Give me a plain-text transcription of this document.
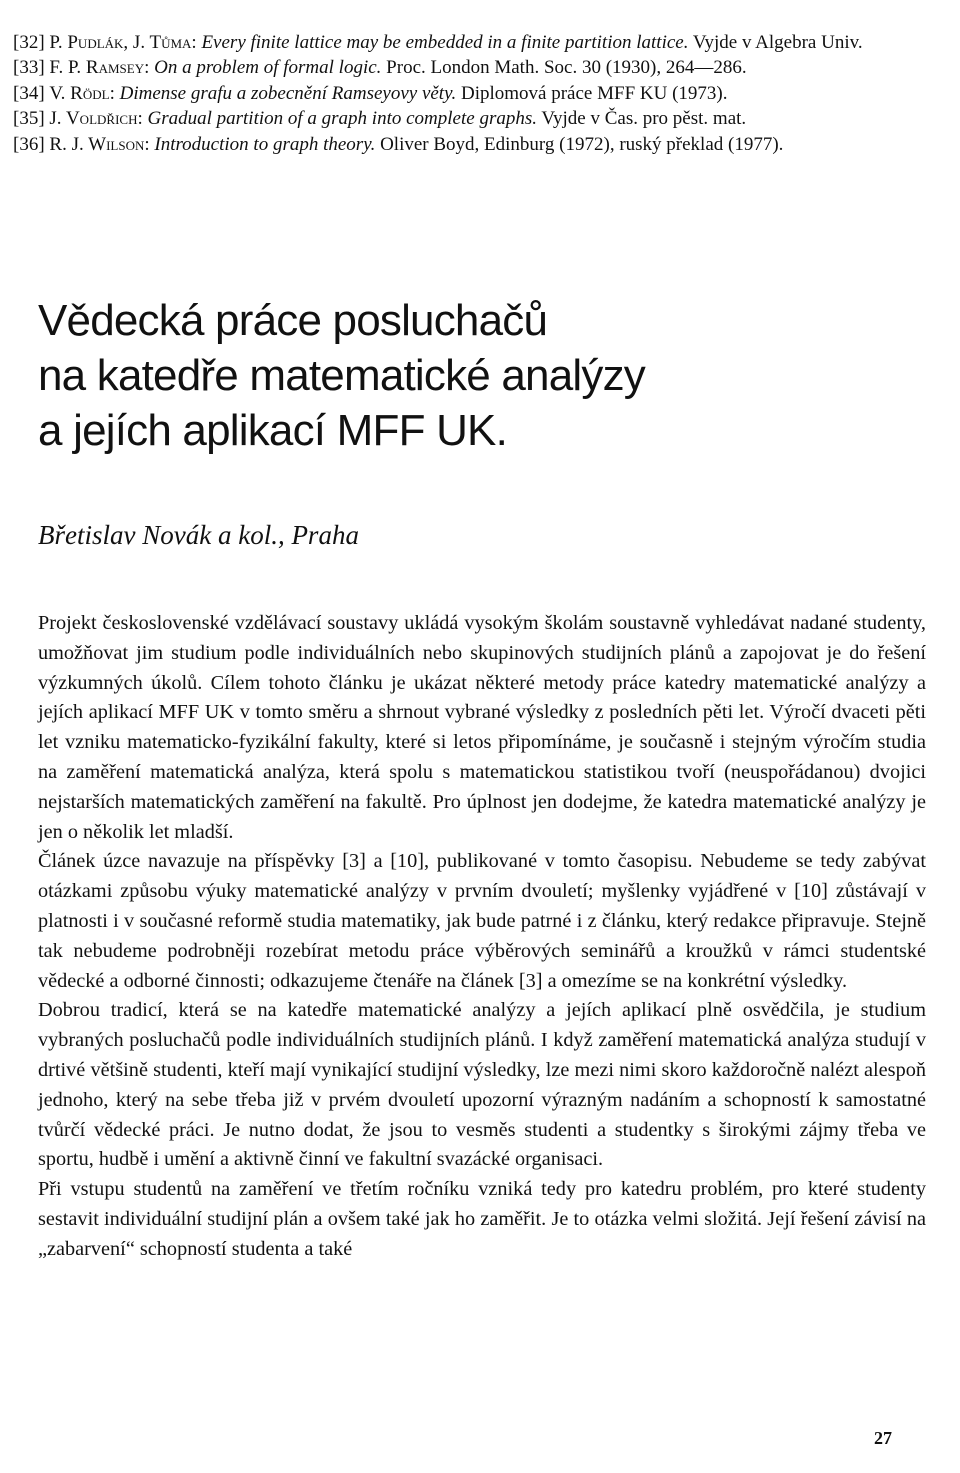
[32] P. Pudlák, J. Tůma: Every finite lattice may be embedded in a finite partition lattice. Vyjde v Algebra Univ.
[33] F. P. Ramsey: On a problem of formal logic. Proc. London Math. Soc. 30 (1930), 264—286.
[34] V. Rödl: Dimense grafu a zobecnění Ramseyovy věty. Diplomová práce MFF KU (1973).
[35] J. Voldřich: Gradual partition of a graph into complete graphs. Vyjde v Čas. pro pěst. mat.
[36] R. J. Wilson: Introduction to graph theory. Oliver Boyd, Edinburg (1972), ruský překlad (1977).
Vědecká práce posluchačů
na katedře matematické analýzy
a jejích aplikací MFF UK.
Břetislav Novák a kol., Praha

Projekt československé vzdělávací soustavy ukládá vysokým školám soustavně vyhledávat nadané studenty, umožňovat jim studium podle individuálních nebo skupinových studijních plánů a zapojovat je do řešení výzkumných úkolů. Cílem tohoto článku je ukázat některé metody práce katedry matematické analýzy a jejích aplikací MFF UK v tomto směru a shrnout vybrané výsledky z posledních pěti let. Výročí dvaceti pěti let vzniku matematicko-fyzikální fakulty, které si letos připomínáme, je současně i stejným výročím studia na zaměření matematická analýza, která spolu s matematickou statistikou tvoří (neuspořádanou) dvojici nejstarších matematických zaměření na fakultě. Pro úplnost jen dodejme, že katedra matematické analýzy je jen o několik let mladší.

Článek úzce navazuje na příspěvky [3] a [10], publikované v tomto časopisu. Nebudeme se tedy zabývat otázkami způsobu výuky matematické analýzy v prvním dvouletí; myšlenky vyjádřené v [10] zůstávají v platnosti i v současné reformě studia matematiky, jak bude patrné i z článku, který redakce připravuje. Stejně tak nebudeme podrobněji rozebírat metodu práce výběrových seminářů a kroužků v rámci studentské vědecké a odborné činnosti; odkazujeme čtenáře na článek [3] a omezíme se na konkrétní výsledky.

Dobrou tradicí, která se na katedře matematické analýzy a jejích aplikací plně osvědčila, je studium vybraných posluchačů podle individuálních studijních plánů. I když zaměření matematická analýza studují v drtivé většině studenti, kteří mají vynikající studijní výsledky, lze mezi nimi skoro každoročně nalézt alespoň jednoho, který na sebe třeba již v prvém dvouletí upozorní výrazným nadáním a schopností k samostatné tvůrčí vědecké práci. Je nutno dodat, že jsou to vesměs studenti a studentky s širokými zájmy třeba ve sportu, hudbě i umění a aktivně činní ve fakultní svazácké organisaci.

Při vstupu studentů na zaměření ve třetím ročníku vzniká tedy pro katedru problém, pro které studenty sestavit individuální studijní plán a ovšem také jak ho zaměřit. Je to otázka velmi složitá. Její řešení závisí na „zabarvení“ schopností studenta a také

27
